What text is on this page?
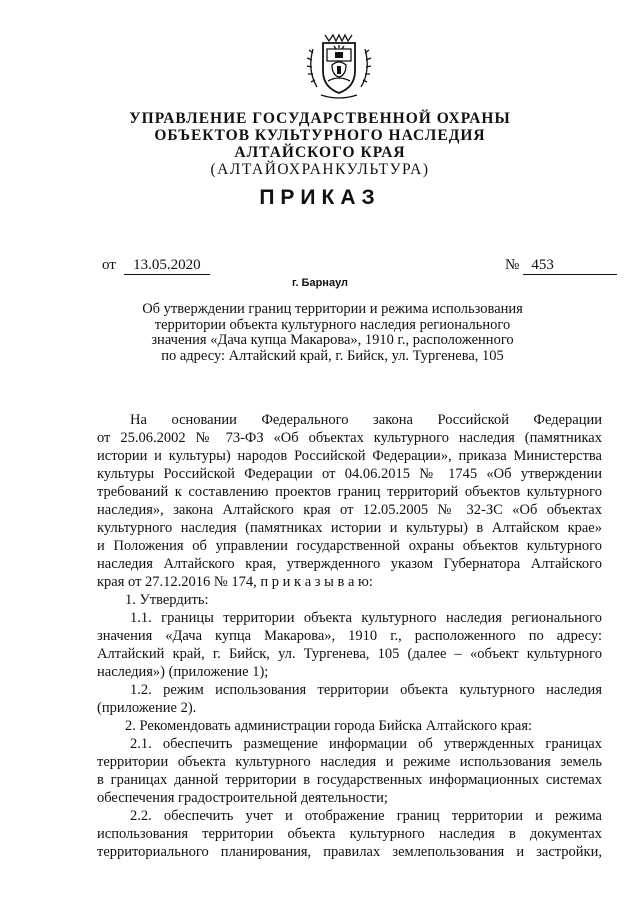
УПРАВЛЕНИЕ ГОСУДАРСТВЕННОЙ ОХРАНЫ
ОБЪЕКТОВ КУЛЬТУРНОГО НАСЛЕДИЯ
АЛТАЙСКОГО КРАЯ
(АЛТАЙОХРАНКУЛЬТУРА)
ПРИКАЗ
от 13.05.2020	№ 453
г. Барнаул
Об утверждении границ территории и режима использования
территории объекта культурного наследия регионального
значения «Дача купца Макарова», 1910 г., расположенного
по адресу: Алтайский край, г. Бийск, ул. Тургенева, 105

На основании Федерального закона Российской Федерации

от 25.06.2002 № 73-ФЗ «Об объектах культурного наследия (памятниках

истории и культуры) народов Российской Федерации», приказа Министерства

культуры Российской Федерации от 04.06.2015 № 1745 «Об утверждении

требований к составлению проектов границ территорий объектов культурного

наследия», закона Алтайского края от 12.05.2005 № 32-ЗС «Об объектах

культурного наследия (памятниках истории и культуры) в Алтайском крае»

и Положения об управлении государственной охраны объектов культурного

наследия Алтайского края, утвержденного указом Губернатора Алтайского

края от 27.12.2016 № 174, п р и к а з ы в а ю:

1. Утвердить:

1.1. границы территории объекта культурного наследия регионального

значения «Дача купца Макарова», 1910 г., расположенного по адресу:

Алтайский край, г. Бийск, ул. Тургенева, 105 (далее – «объект культурного

наследия») (приложение 1);

1.2. режим использования территории объекта культурного наследия

(приложение 2).

2. Рекомендовать администрации города Бийска Алтайского края:

2.1. обеспечить размещение информации об утвержденных границах

территории объекта культурного наследия и режиме использования земель

в границах данной территории в государственных информационных системах

обеспечения градостроительной деятельности;

2.2. обеспечить учет и отображение границ территории и режима

использования территории объекта культурного наследия в документах

территориального планирования, правилах землепользования и застройки,
